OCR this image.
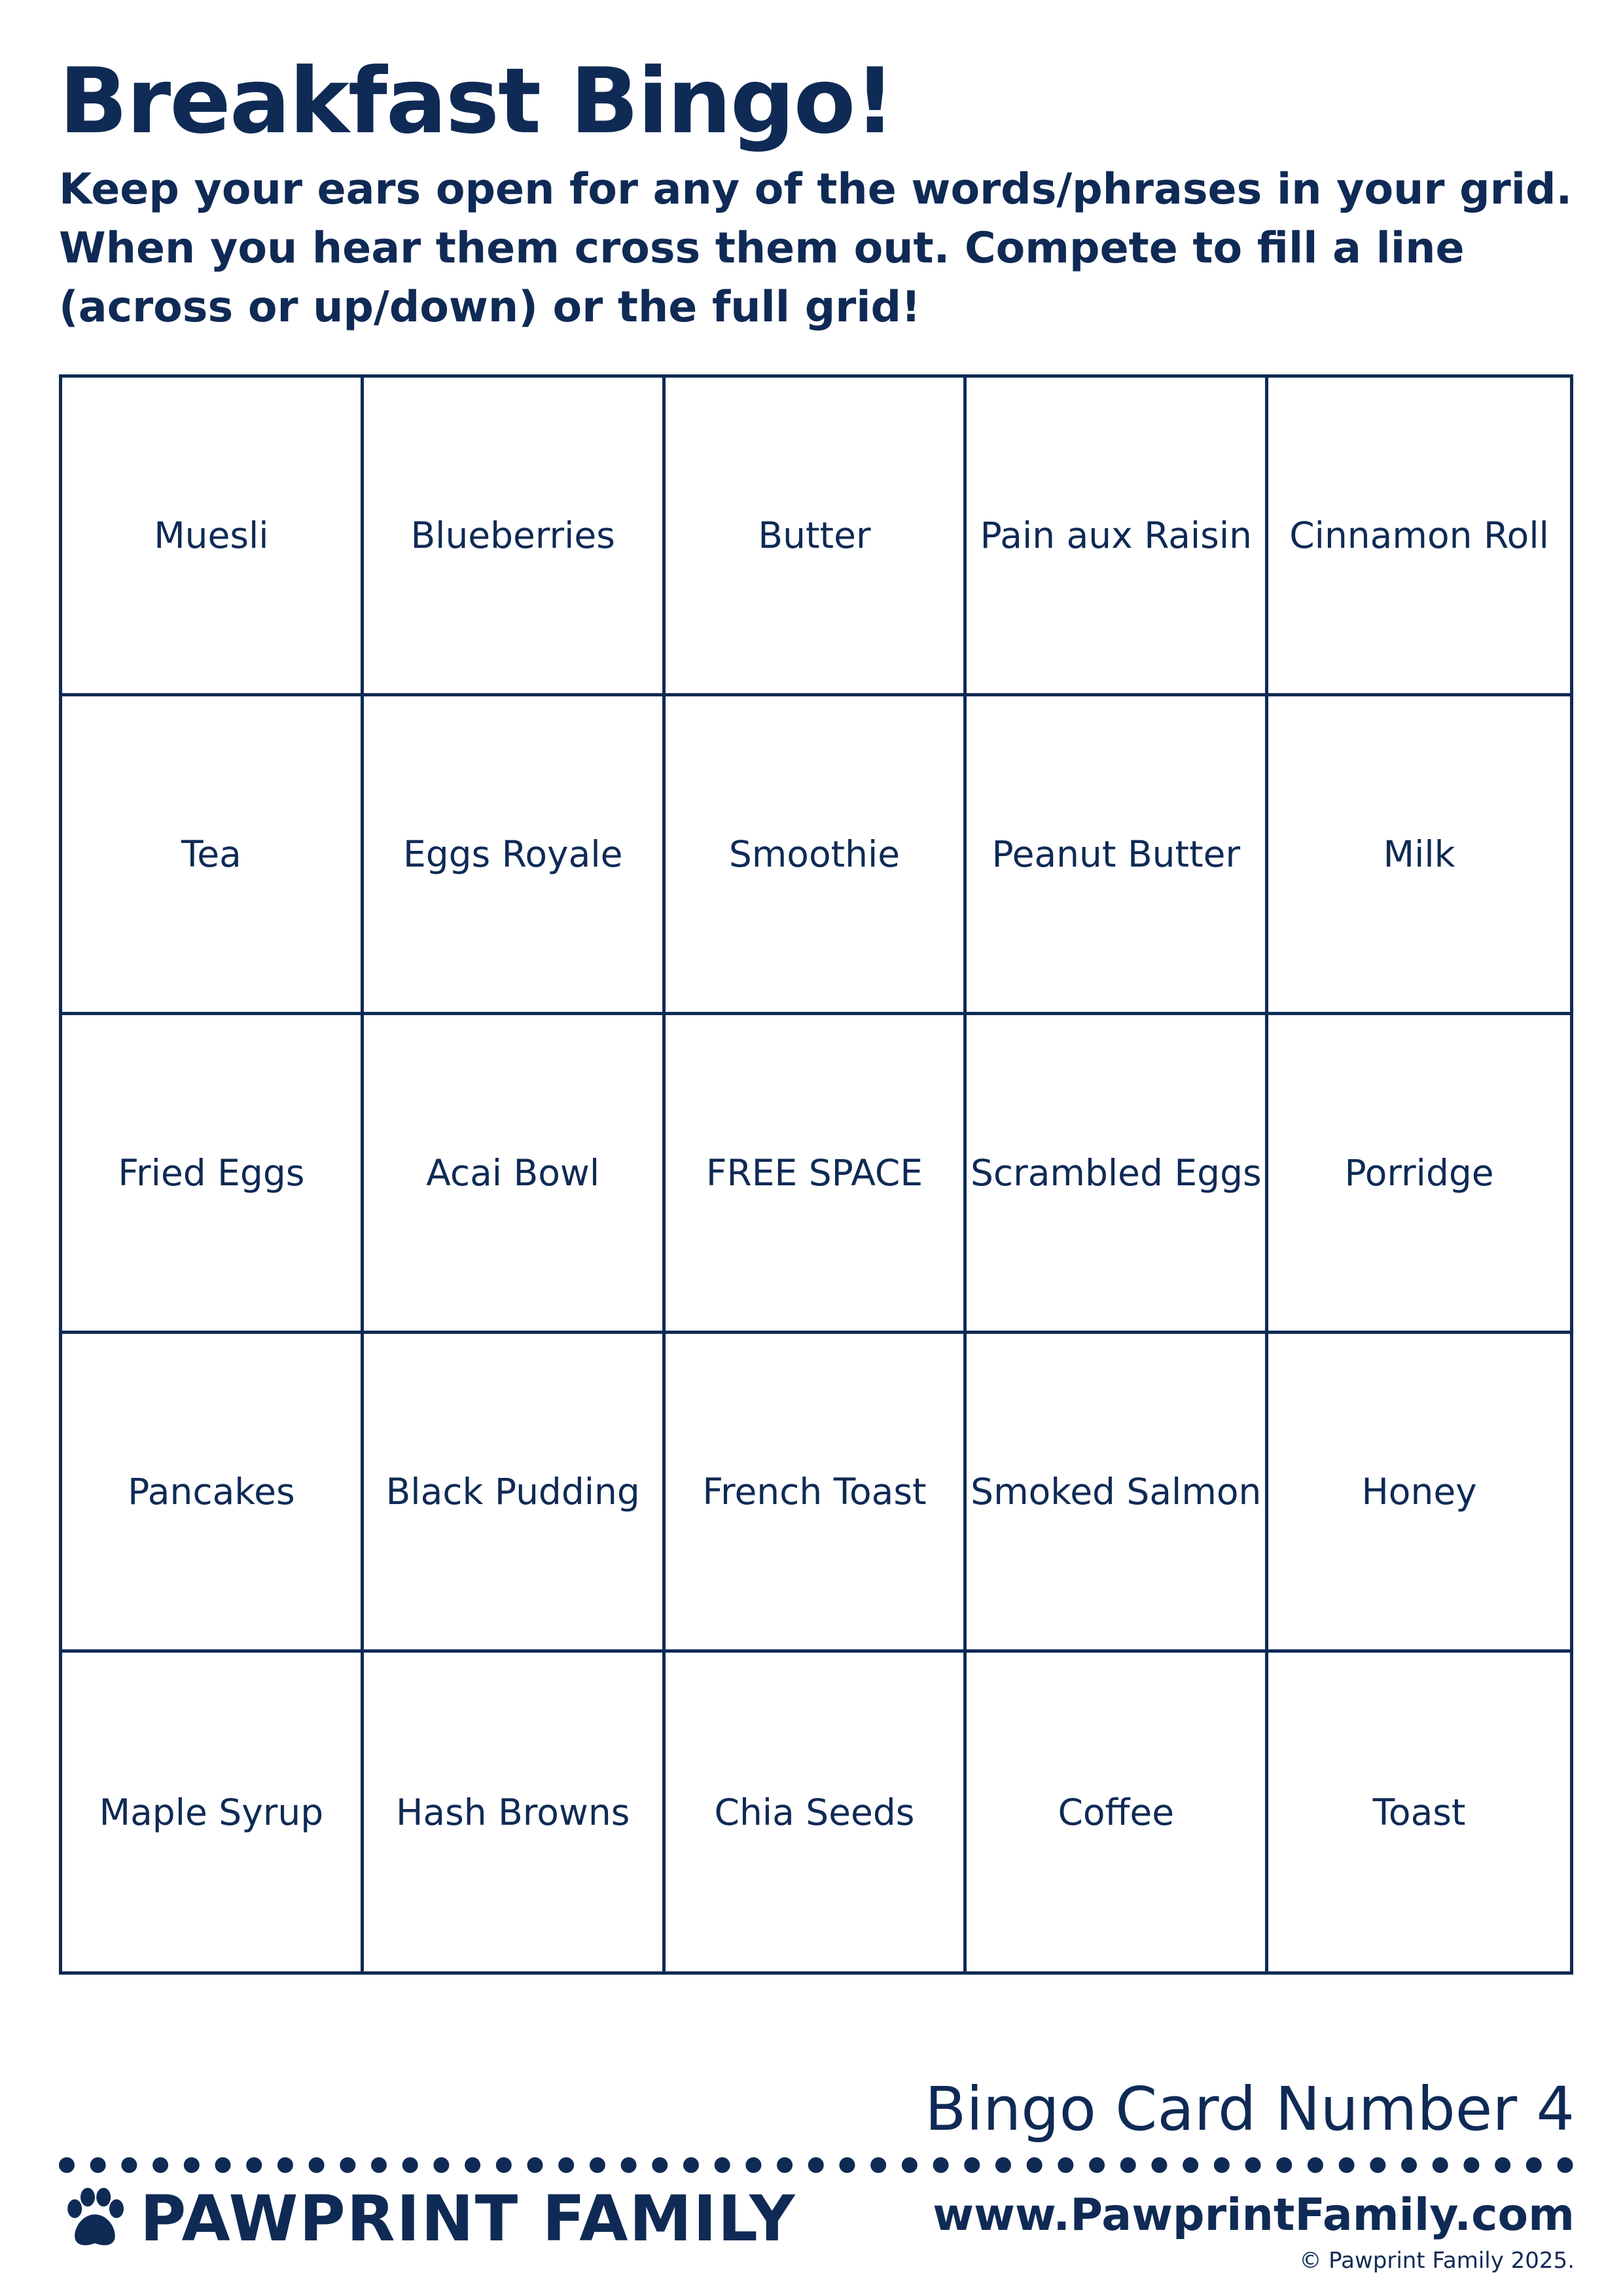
Breakfast Bingo!

Keep your ears open for any of the words/phrases in your grid. When you hear them cross them out. Compete to fill a line (across or up/down) or the full grid!

Muesli	Blueberries	Butter	Pain aux Raisin	Cinnamon Roll
Tea	Eggs Royale	Smoothie	Peanut Butter	Milk
Fried Eggs	Acai Bowl	FREE SPACE	Scrambled Eggs	Porridge
Pancakes	Black Pudding	French Toast	Smoked Salmon	Honey
Maple Syrup	Hash Browns	Chia Seeds	Coffee	Toast
Bingo Card Number 4
PAWPRINT FAMILY	www.PawprintFamily.com
© Pawprint Family 2025.
